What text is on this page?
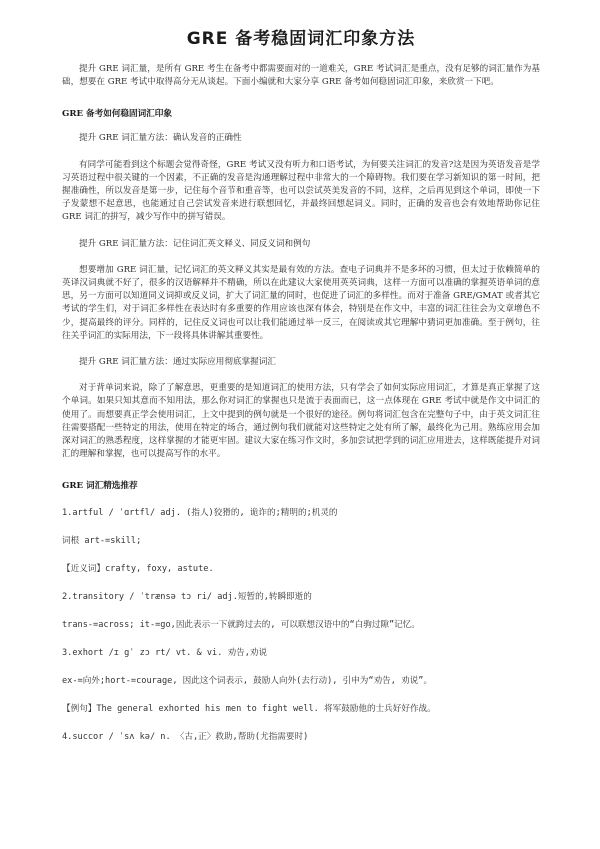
GRE 备考稳固词汇印象方法

提升 GRE 词汇量，是所有 GRE 考生在备考中都需要面对的一道难关，GRE 考试词汇是重点，没有足够的词汇量作为基础，想要在 GRE 考试中取得高分无从谈起。下面小编就和大家分享 GRE 备考如何稳固词汇印象，来欣赏一下吧。

GRE 备考如何稳固词汇印象

提升 GRE 词汇量方法：确认发音的正确性

有同学可能看到这个标题会觉得奇怪，GRE 考试又没有听力和口语考试，为何要关注词汇的发音?这是因为英语发音是学习英语过程中很关键的一个因素，不正确的发音是沟通理解过程中非常大的一个障碍物。我们要在学习新知识的第一时间，把握准确性，所以发音是第一步，记住每个音节和重音等，也可以尝试英美发音的不同，这样，之后再见到这个单词，即使一下子发蒙想不起意思，也能通过自己尝试发音来进行联想回忆，并最终回想起词义。同时，正确的发音也会有效地帮助你记住 GRE 词汇的拼写，减少写作中的拼写错误。

提升 GRE 词汇量方法：记住词汇英文释义、同反义词和例句

想要增加 GRE 词汇量，记忆词汇的英文释义其实是最有效的方法。查电子词典并不是多坏的习惯，但太过于依赖简单的英译汉词典就不好了，很多的汉语解释并不精确，所以在此建议大家使用英英词典，这样一方面可以准确的掌握英语单词的意思，另一方面可以知道同义词抑或反义词，扩大了词汇量的同时，也促进了词汇的多样性。而对于准备 GRE/GMAT 或者其它考试的学生们，对于词汇多样性在表达时有多重要的作用应该也深有体会，特别是在作文中，丰富的词汇往往会为文章增色不少，提高最终的评分。同样的，记住反义词也可以让我们能通过举一反三，在阅读或其它理解中猜词更加准确。至于例句，往往关乎词汇的实际用法，下一段将具体讲解其重要性。

提升 GRE 词汇量方法：通过实际应用彻底掌握词汇

对于背单词来说，除了了解意思，更重要的是知道词汇的使用方法，只有学会了如何实际应用词汇，才算是真正掌握了这个单词。如果只知其意而不知用法，那么你对词汇的掌握也只是流于表面而已，这一点体现在 GRE 考试中就是作文中词汇的使用了。而想要真正学会使用词汇，上文中提到的例句就是一个很好的途径。例句将词汇包含在完整句子中，由于英文词汇往往需要搭配一些特定的用法，使用在特定的场合，通过例句我们就能对这些特定之处有所了解，最终化为己用。熟练应用会加深对词汇的熟悉程度，这样掌握的才能更牢固。建议大家在练习作文时，多加尝试把学到的词汇应用进去，这样既能提升对词汇的理解和掌握，也可以提高写作的水平。

GRE 词汇精选推荐

1.artful / ˈɑrtfl/ adj. (指人)狡猾的, 诡诈的;精明的;机灵的

词根 art-=skill;

【近义词】crafty, foxy, astute.

2.transitory / ˈtrænsə tɔ ri/ adj.短暂的,转瞬即逝的

trans-=across; it-=go,因此表示一下就跨过去的, 可以联想汉语中的“白驹过隙”记忆。

3.exhort /ɪ gˈ zɔ rt/ vt. & vi. 劝告,劝说

ex-=向外;hort-=courage, 因此这个词表示, 鼓励人向外(去行动), 引申为“劝告, 劝说”。

【例句】The general exhorted his men to fight well. 将军鼓励他的士兵好好作战。

4.succor / ˈsʌ kə/ n. 〈古,正〉救助,帮助(尤指需要时)
